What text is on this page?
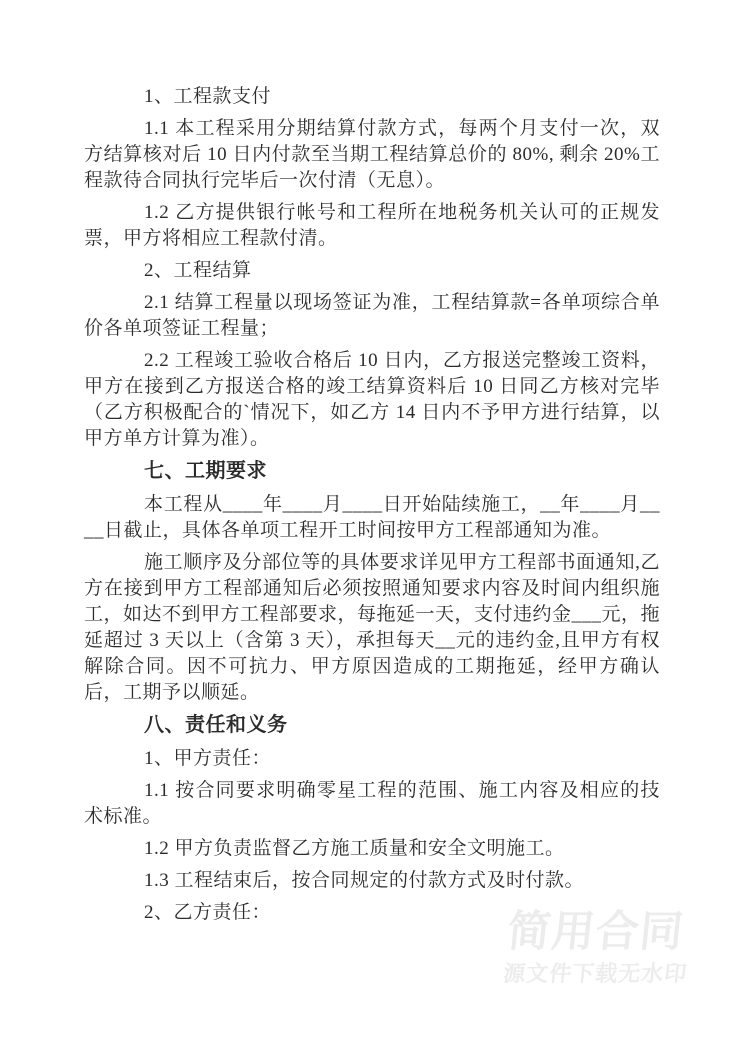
1、工程款支付

1.1 本工程采用分期结算付款方式，每两个月支付一次，双方结算核对后 10 日内付款至当期工程结算总价的 80%, 剩余 20%工程款待合同执行完毕后一次付清（无息）。

1.2 乙方提供银行帐号和工程所在地税务机关认可的正规发票，甲方将相应工程款付清。

2、工程结算

2.1 结算工程量以现场签证为准，工程结算款=各单项综合单价各单项签证工程量；

2.2 工程竣工验收合格后 10 日内，乙方报送完整竣工资料，甲方在接到乙方报送合格的竣工结算资料后 10 日同乙方核对完毕（乙方积极配合的`情况下，如乙方 14 日内不予甲方进行结算，以甲方单方计算为准）。

七、工期要求

本工程从____年____月____日开始陆续施工，__年____月____日截止，具体各单项工程开工时间按甲方工程部通知为准。

施工顺序及分部位等的具体要求详见甲方工程部书面通知,乙方在接到甲方工程部通知后必须按照通知要求内容及时间内组织施工，如达不到甲方工程部要求，每拖延一天，支付违约金___元，拖延超过 3 天以上（含第 3 天），承担每天__元的违约金,且甲方有权解除合同。因不可抗力、甲方原因造成的工期拖延，经甲方确认后，工期予以顺延。

八、责任和义务

1、甲方责任：

1.1 按合同要求明确零星工程的范围、施工内容及相应的技术标准。

1.2 甲方负责监督乙方施工质量和安全文明施工。

1.3 工程结束后，按合同规定的付款方式及时付款。

2、乙方责任：	简用合同
源文件下载无水印
